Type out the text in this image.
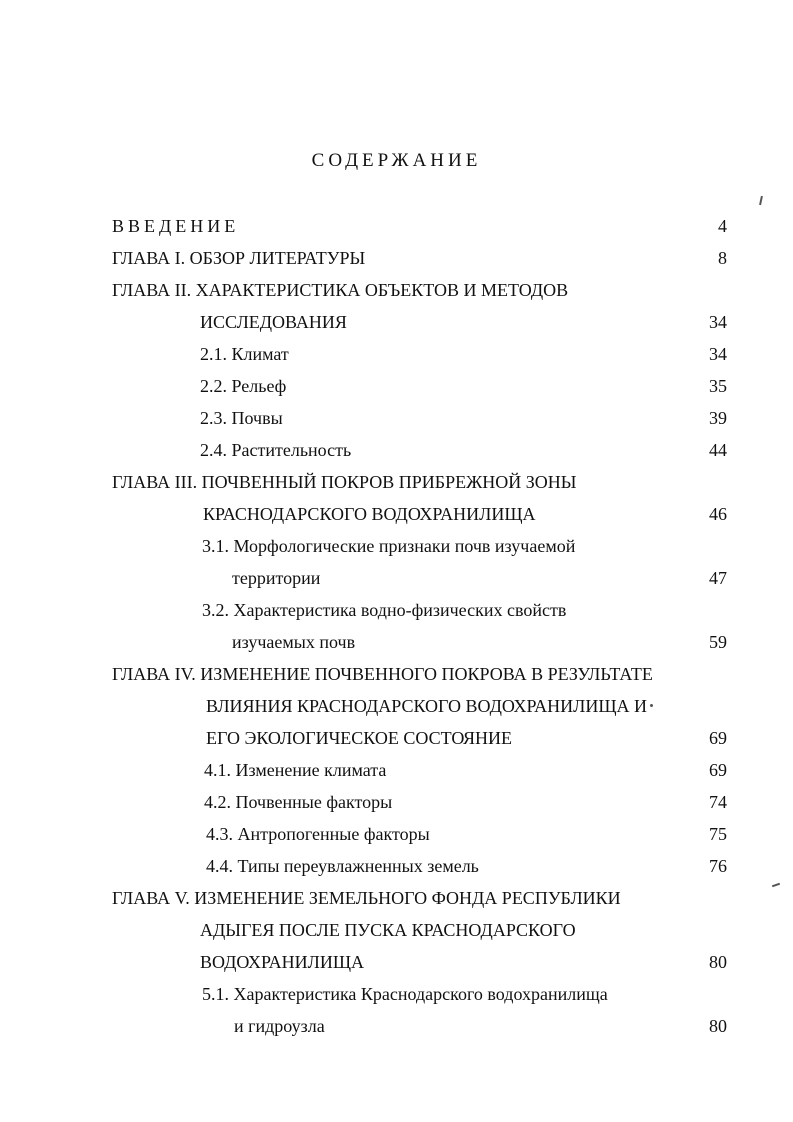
СОДЕРЖАНИЕ
ВВЕДЕНИЕ	4
ГЛАВА I. ОБЗОР ЛИТЕРАТУРЫ	8
ГЛАВА II. ХАРАКТЕРИСТИКА ОБЪЕКТОВ И МЕТОДОВ
ИССЛЕДОВАНИЯ	34
2.1. Климат	34
2.2. Рельеф	35
2.3. Почвы	39
2.4. Растительность	44
ГЛАВА III. ПОЧВЕННЫЙ ПОКРОВ ПРИБРЕЖНОЙ ЗОНЫ
КРАСНОДАРСКОГО ВОДОХРАНИЛИЩА	46
3.1. Морфологические признаки почв изучаемой
территории	47
3.2. Характеристика водно-физических свойств
изучаемых почв	59
ГЛАВА IV. ИЗМЕНЕНИЕ ПОЧВЕННОГО ПОКРОВА В РЕЗУЛЬТАТЕ
ВЛИЯНИЯ КРАСНОДАРСКОГО ВОДОХРАНИЛИЩА И
ЕГО ЭКОЛОГИЧЕСКОЕ СОСТОЯНИЕ	69
4.1. Изменение климата	69
4.2. Почвенные факторы	74
4.3. Антропогенные факторы	75
4.4. Типы переувлажненных земель	76
ГЛАВА V. ИЗМЕНЕНИЕ ЗЕМЕЛЬНОГО ФОНДА РЕСПУБЛИКИ
АДЫГЕЯ ПОСЛЕ ПУСКА КРАСНОДАРСКОГО
ВОДОХРАНИЛИЩА	80
5.1. Характеристика Краснодарского водохранилища
и гидроузла	80
